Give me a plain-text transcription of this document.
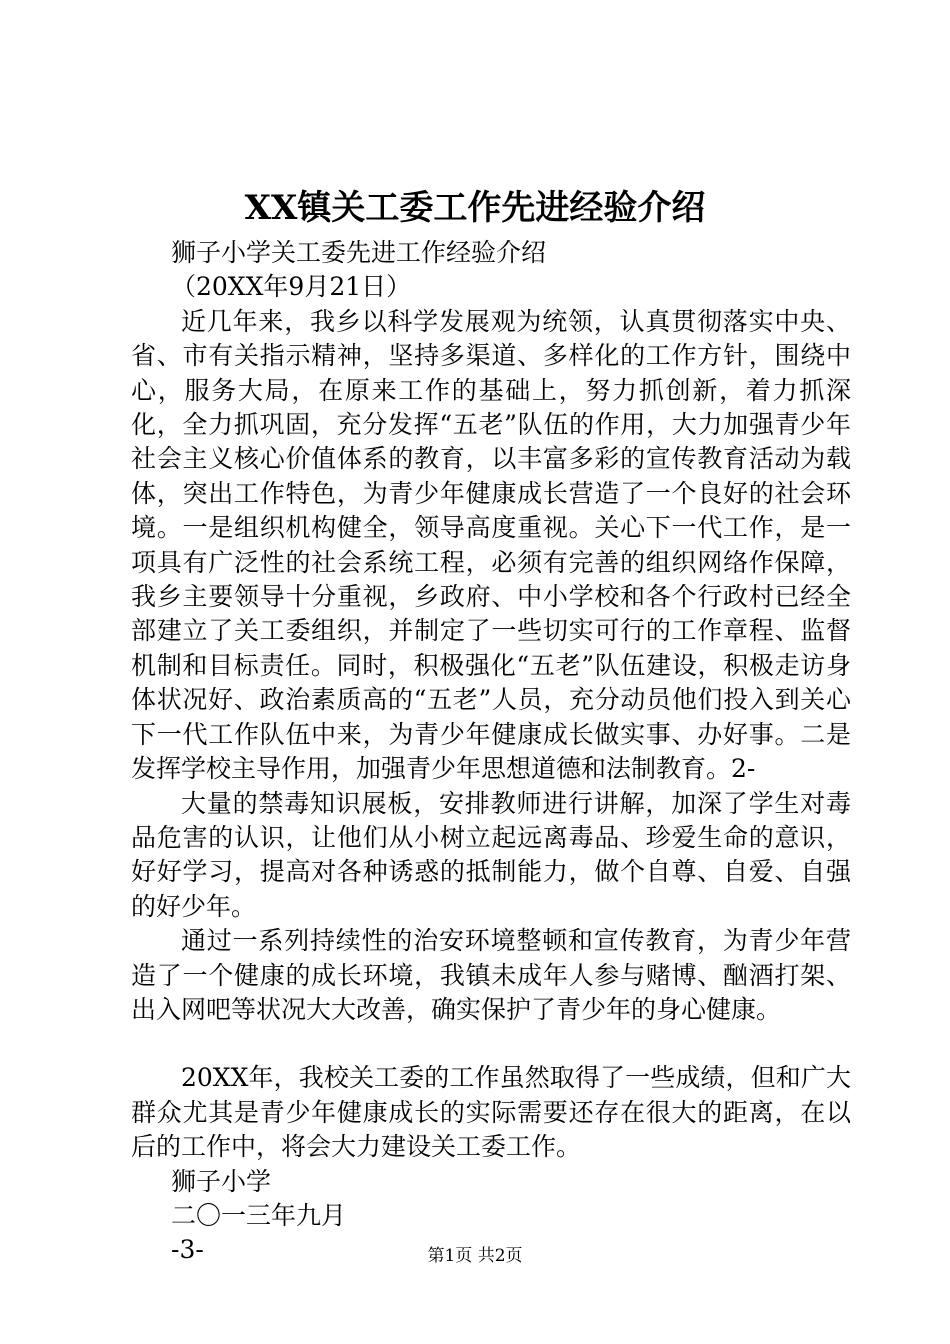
XX镇关工委工作先进经验介绍

狮子小学关工委先进工作经验介绍

（20XX年9月21日）

近几年来，我乡以科学发展观为统领，认真贯彻落实中央、省、市有关指示精神，坚持多渠道、多样化的工作方针，围绕中心，服务大局，在原来工作的基础上，努力抓创新，着力抓深化，全力抓巩固，充分发挥“五老”队伍的作用，大力加强青少年社会主义核心价值体系的教育，以丰富多彩的宣传教育活动为载体，突出工作特色，为青少年健康成长营造了一个良好的社会环境。一是组织机构健全，领导高度重视。关心下一代工作，是一项具有广泛性的社会系统工程，必须有完善的组织网络作保障，我乡主要领导十分重视，乡政府、中小学校和各个行政村已经全部建立了关工委组织，并制定了一些切实可行的工作章程、监督机制和目标责任。同时，积极强化“五老”队伍建设，积极走访身体状况好、政治素质高的“五老”人员，充分动员他们投入到关心下一代工作队伍中来，为青少年健康成长做实事、办好事。二是发挥学校主导作用，加强青少年思想道德和法制教育。2-

大量的禁毒知识展板，安排教师进行讲解，加深了学生对毒品危害的认识，让他们从小树立起远离毒品、珍爱生命的意识，好好学习，提高对各种诱惑的抵制能力，做个自尊、自爱、自强的好少年。

通过一系列持续性的治安环境整顿和宣传教育，为青少年营造了一个健康的成长环境，我镇未成年人参与赌博、酗酒打架、出入网吧等状况大大改善，确实保护了青少年的身心健康。

20XX年，我校关工委的工作虽然取得了一些成绩，但和广大群众尤其是青少年健康成长的实际需要还存在很大的距离，在以后的工作中，将会大力建设关工委工作。

狮子小学

二〇一三年九月

-3-	第1页 共2页
